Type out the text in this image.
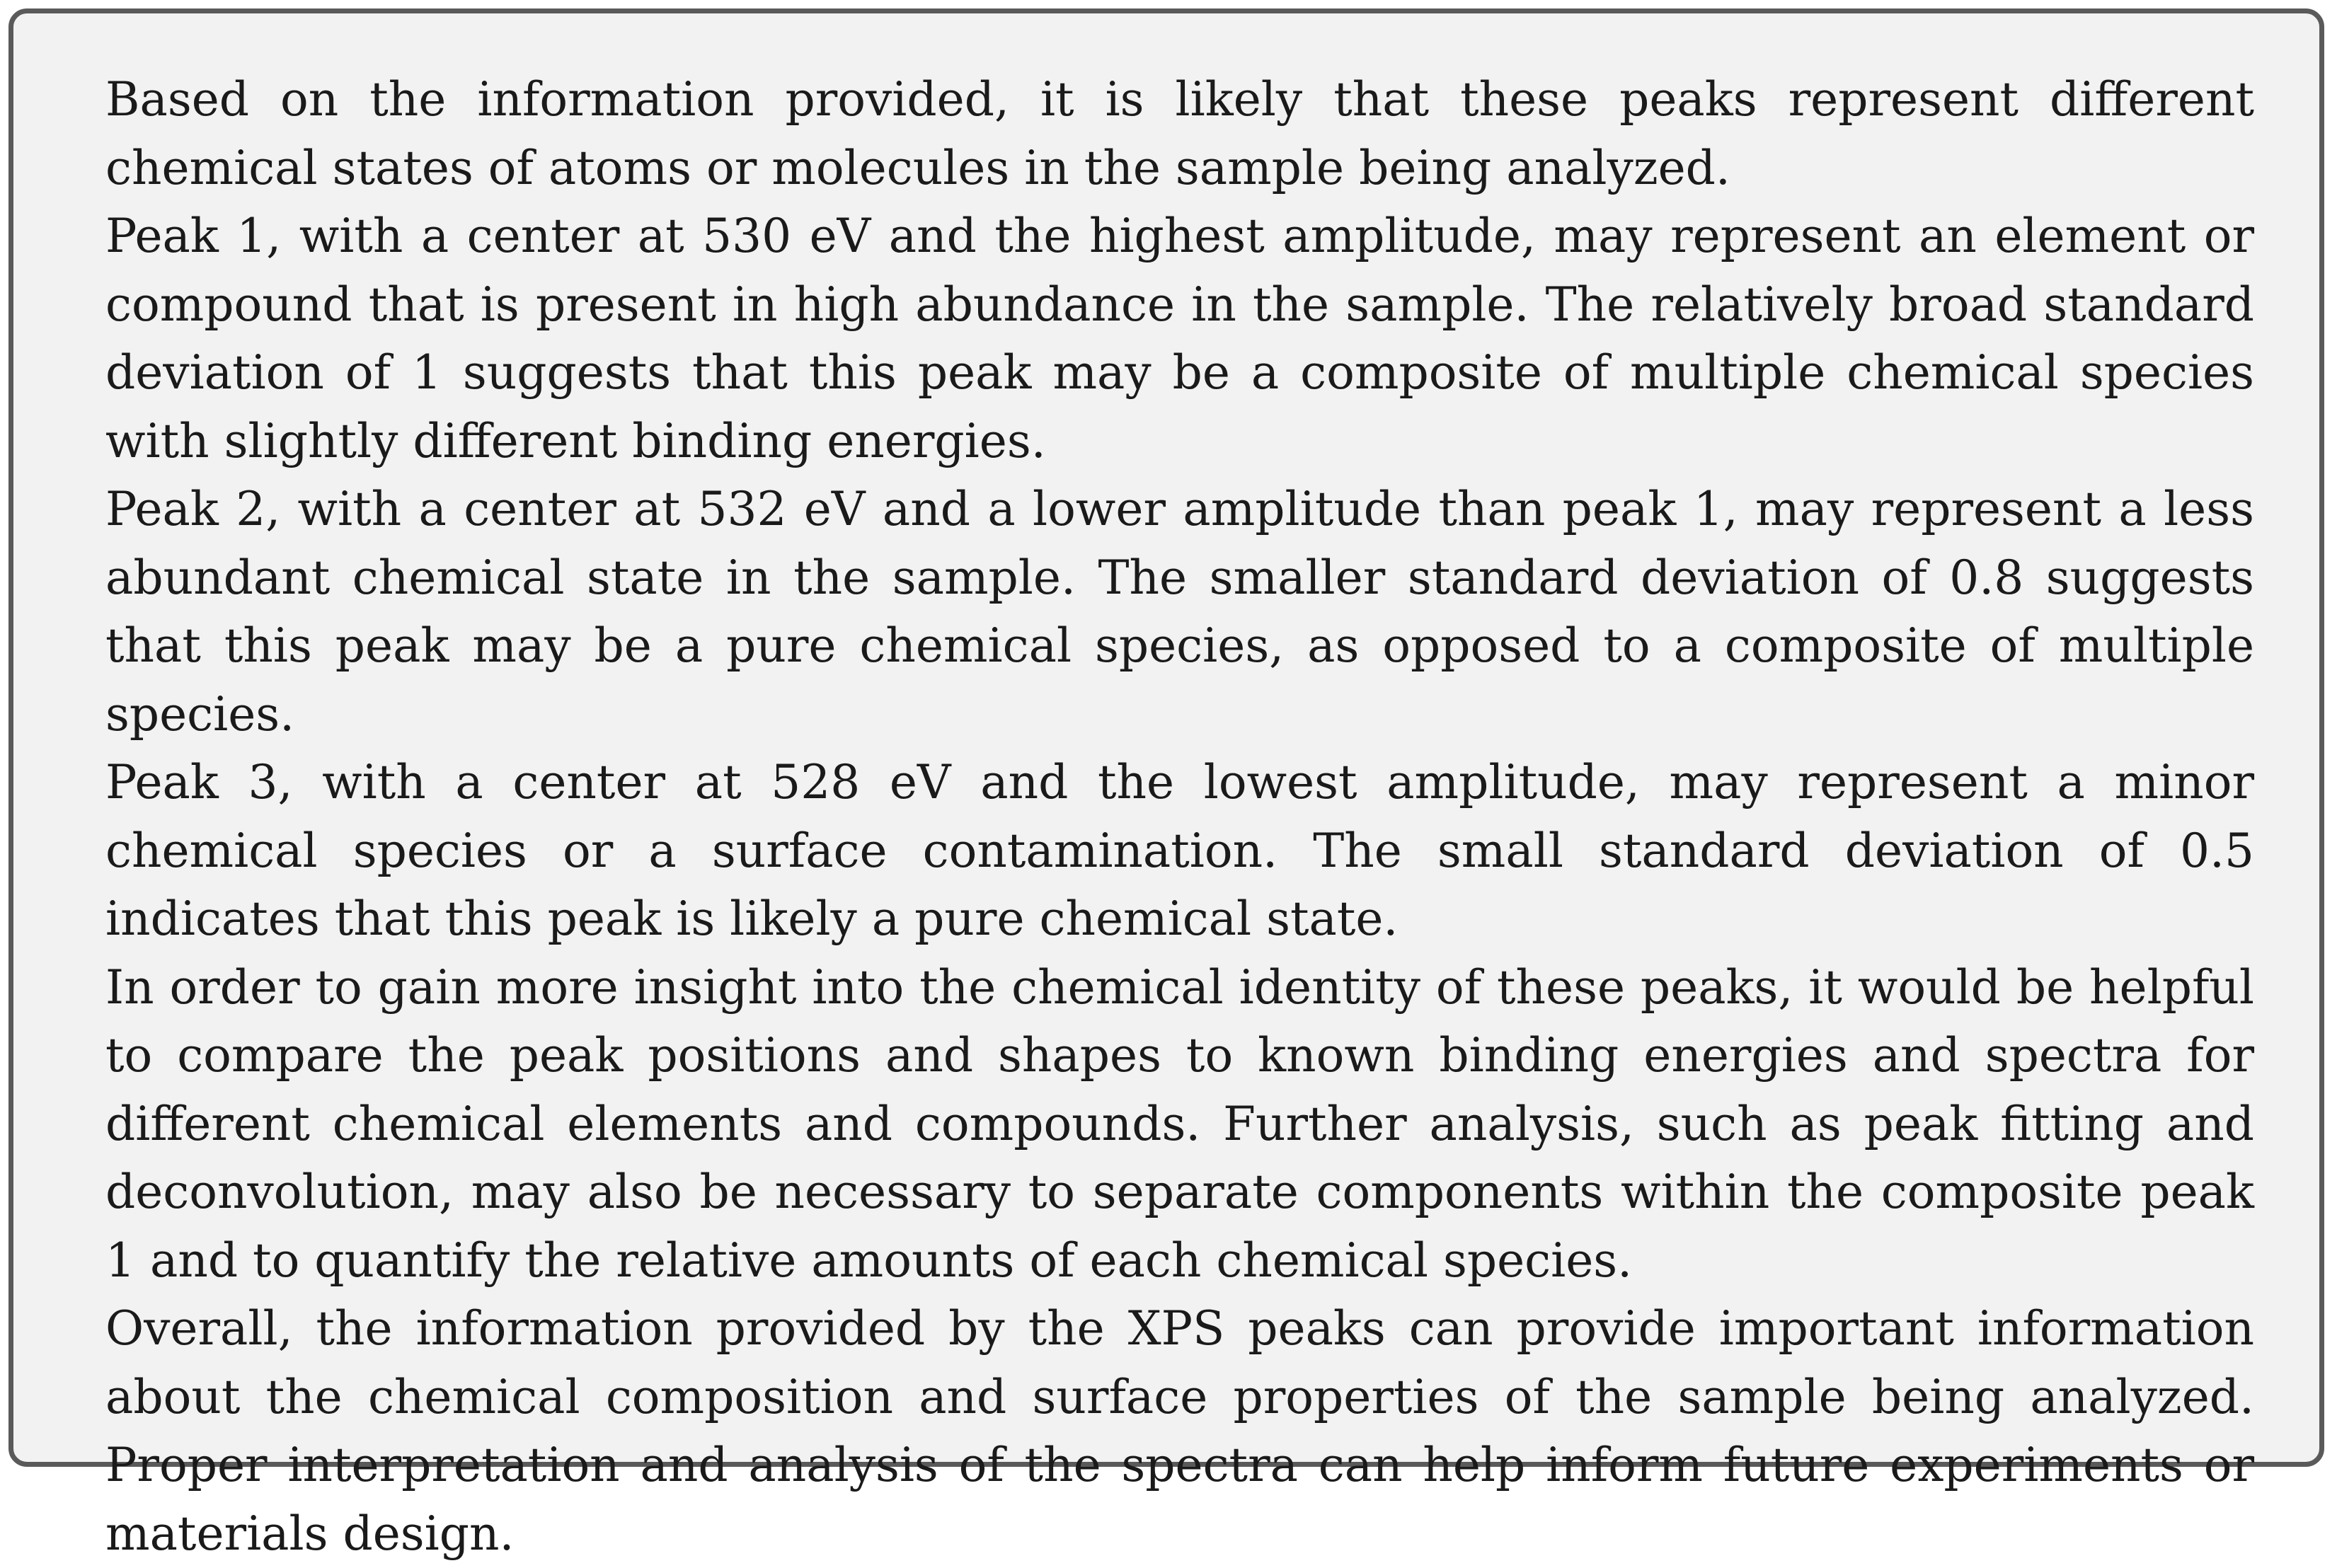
Based on the information provided, it is likely that these peaks represent different chemical states of atoms or molecules in the sample being analyzed.

Peak 1, with a center at 530 eV and the highest amplitude, may represent an element or compound that is present in high abundance in the sample. The relatively broad standard deviation of 1 suggests that this peak may be a composite of multiple chemical species with slightly different binding energies.

Peak 2, with a center at 532 eV and a lower amplitude than peak 1, may represent a less abundant chemical state in the sample. The smaller standard deviation of 0.8 suggests that this peak may be a pure chemical species, as opposed to a composite of multiple species.

Peak 3, with a center at 528 eV and the lowest amplitude, may represent a minor chemical species or a surface contamination. The small standard deviation of 0.5 indicates that this peak is likely a pure chemical state.

In order to gain more insight into the chemical identity of these peaks, it would be helpful to compare the peak positions and shapes to known binding energies and spectra for different chemical elements and compounds. Further analysis, such as peak fitting and deconvolution, may also be necessary to separate components within the composite peak 1 and to quantify the relative amounts of each chemical species.

Overall, the information provided by the XPS peaks can provide important information about the chemical composition and surface properties of the sample being analyzed. Proper interpretation and analysis of the spectra can help inform future experiments or materials design.
